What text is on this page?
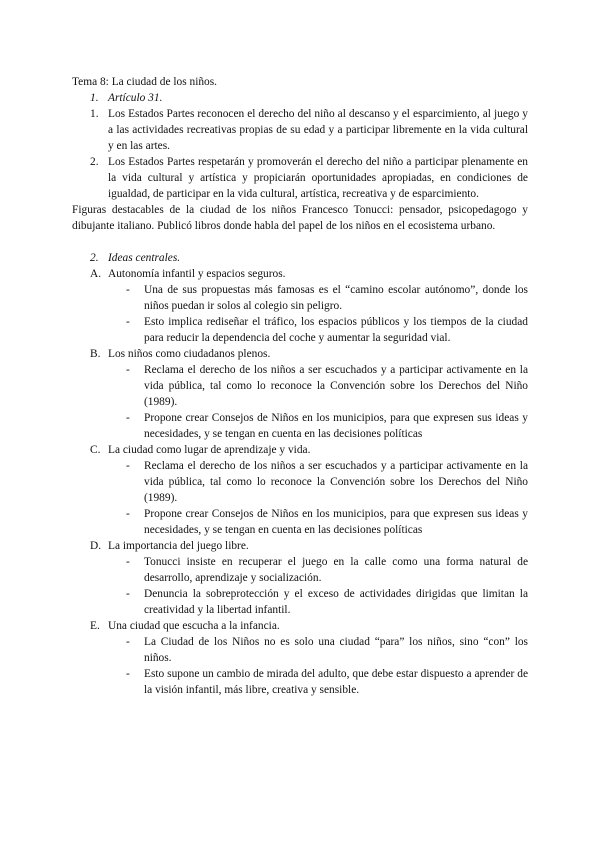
Tema 8: La ciudad de los niños.

1. Artículo 31.
1. Los Estados Partes reconocen el derecho del niño al descanso y el esparcimiento, al juego y a las actividades recreativas propias de su edad y a participar libremente en la vida cultural y en las artes.
2. Los Estados Partes respetarán y promoverán el derecho del niño a participar plenamente en la vida cultural y artística y propiciarán oportunidades apropiadas, en condiciones de igualdad, de participar en la vida cultural, artística, recreativa y de esparcimiento.

Figuras destacables de la ciudad de los niños Francesco Tonucci: pensador, psicopedagogo y dibujante italiano. Publicó libros donde habla del papel de los niños en el ecosistema urbano.

2. Ideas centrales.
A. Autonomía infantil y espacios seguros.
- Una de sus propuestas más famosas es el “camino escolar autónomo”, donde los niños puedan ir solos al colegio sin peligro.
- Esto implica rediseñar el tráfico, los espacios públicos y los tiempos de la ciudad para reducir la dependencia del coche y aumentar la seguridad vial.
B. Los niños como ciudadanos plenos.
- Reclama el derecho de los niños a ser escuchados y a participar activamente en la vida pública, tal como lo reconoce la Convención sobre los Derechos del Niño (1989).
- Propone crear Consejos de Niños en los municipios, para que expresen sus ideas y necesidades, y se tengan en cuenta en las decisiones políticas
C. La ciudad como lugar de aprendizaje y vida.
- Reclama el derecho de los niños a ser escuchados y a participar activamente en la vida pública, tal como lo reconoce la Convención sobre los Derechos del Niño (1989).
- Propone crear Consejos de Niños en los municipios, para que expresen sus ideas y necesidades, y se tengan en cuenta en las decisiones políticas
D. La importancia del juego libre.
- Tonucci insiste en recuperar el juego en la calle como una forma natural de desarrollo, aprendizaje y socialización.
- Denuncia la sobreprotección y el exceso de actividades dirigidas que limitan la creatividad y la libertad infantil.
E. Una ciudad que escucha a la infancia.
- La Ciudad de los Niños no es solo una ciudad “para” los niños, sino “con” los niños.
- Esto supone un cambio de mirada del adulto, que debe estar dispuesto a aprender de la visión infantil, más libre, creativa y sensible.
